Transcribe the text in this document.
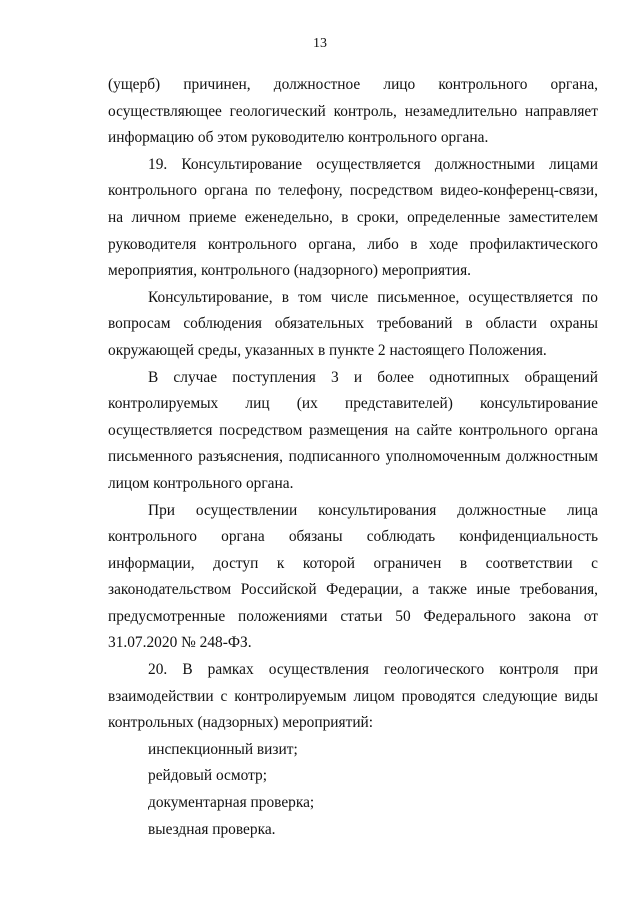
13

(ущерб) причинен, должностное лицо контрольного органа, осуществляющее геологический контроль, незамедлительно направляет информацию об этом руководителю контрольного органа.

19. Консультирование осуществляется должностными лицами контрольного органа по телефону, посредством видео-конференц-связи, на личном приеме еженедельно, в сроки, определенные заместителем руководителя контрольного органа, либо в ходе профилактического мероприятия, контрольного (надзорного) мероприятия.

Консультирование, в том числе письменное, осуществляется по вопросам соблюдения обязательных требований в области охраны окружающей среды, указанных в пункте 2 настоящего Положения.

В случае поступления 3 и более однотипных обращений контролируемых лиц (их представителей) консультирование осуществляется посредством размещения на сайте контрольного органа письменного разъяснения, подписанного уполномоченным должностным лицом контрольного органа.

При осуществлении консультирования должностные лица контрольного органа обязаны соблюдать конфиденциальность информации, доступ к которой ограничен в соответствии с законодательством Российской Федерации, а также иные требования, предусмотренные положениями статьи 50 Федерального закона от 31.07.2020 № 248-ФЗ.

20. В рамках осуществления геологического контроля при взаимодействии с контролируемым лицом проводятся следующие виды контрольных (надзорных) мероприятий:

инспекционный визит;

рейдовый осмотр;

документарная проверка;

выездная проверка.
